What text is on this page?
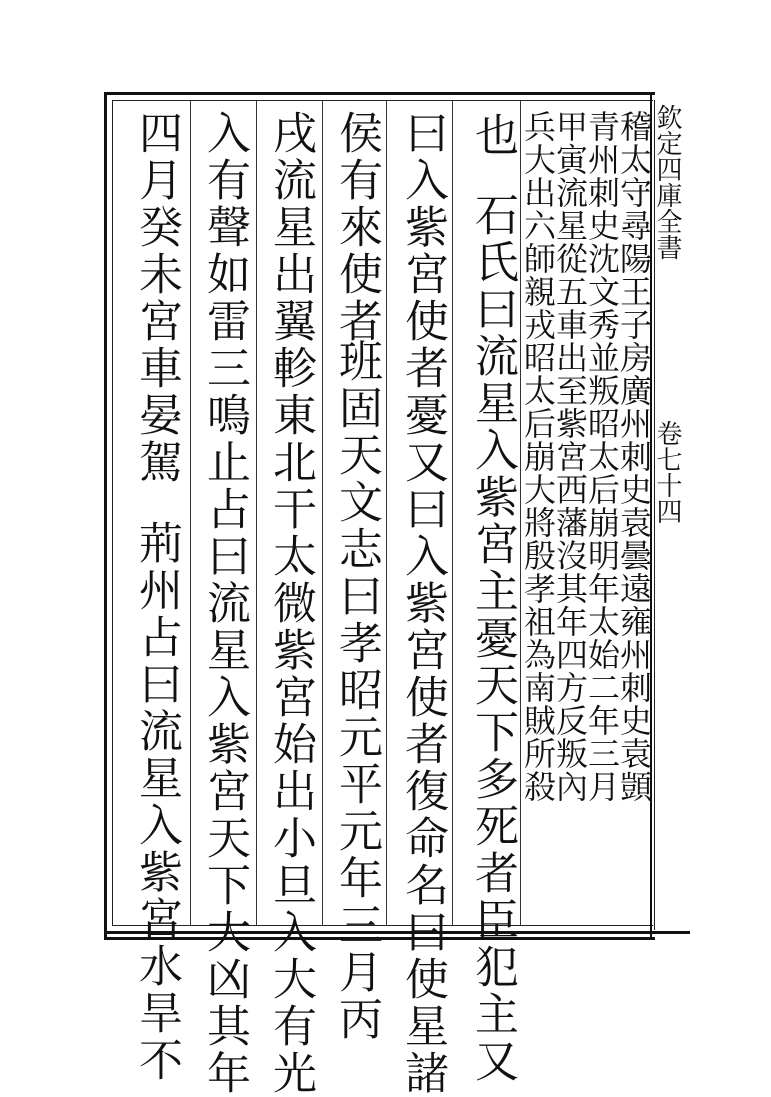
欽定四庫全書
卷七十四
稽太守尋陽王子房廣州刺史袁曇遠雍州刺史袁顗
青州刺史沈文秀並叛昭太后崩明年太始二年三月
甲寅流星從五車出至紫宮西藩沒其年四方反叛內
兵大出六師親戎昭太后崩大將殷孝祖為南賊所殺
也
石氏曰流星入紫宮主憂天下多死者臣犯主又
曰入紫宮使者憂又曰入紫宮使者復命名曰使星諸
侯有來使者
班固天文志曰孝昭元平元年三月丙
戌流星出翼軫東北干太微紫宮始出小旦入大有光
入有聲如雷三鳴止占曰流星入紫宮天下大凶其年
四月癸未宮車晏駕
荊州占曰流星入紫宮水旱不
